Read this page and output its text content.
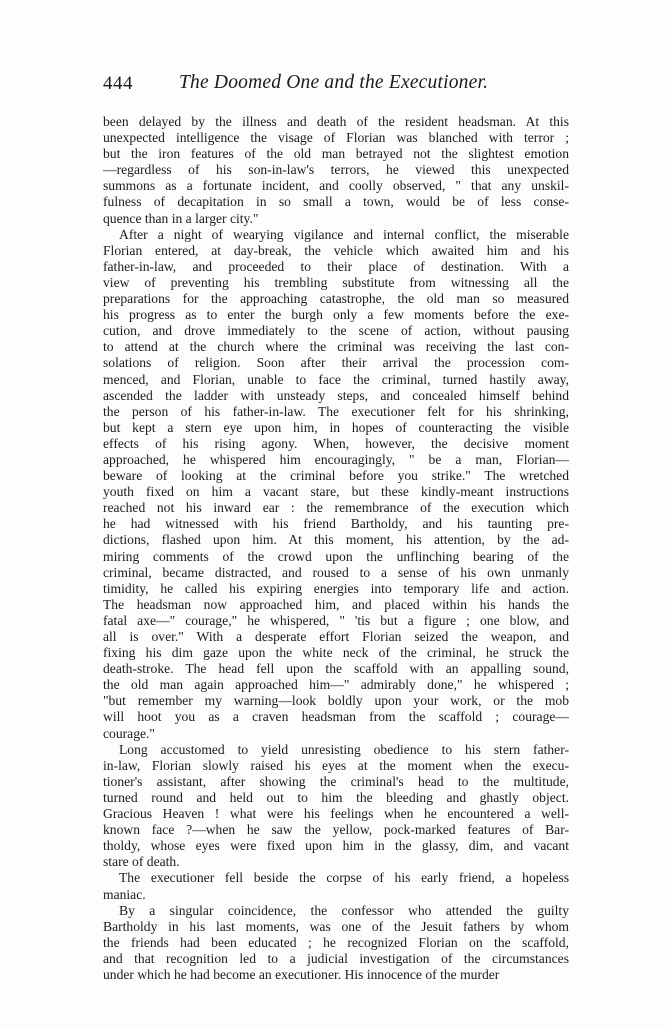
444 The Doomed One and the Executioner.
been delayed by the illness and death of the resident headsman. At this
unexpected intelligence the visage of Florian was blanched with terror ;
but the iron features of the old man betrayed not the slightest emotion
—regardless of his son-in-law's terrors, he viewed this unexpected
summons as a fortunate incident, and coolly observed, " that any unskil-
fulness of decapitation in so small a town, would be of less conse-
quence than in a larger city."
After a night of wearying vigilance and internal conflict, the miserable
Florian entered, at day-break, the vehicle which awaited him and his
father-in-law, and proceeded to their place of destination. With a
view of preventing his trembling substitute from witnessing all the
preparations for the approaching catastrophe, the old man so measured
his progress as to enter the burgh only a few moments before the exe-
cution, and drove immediately to the scene of action, without pausing
to attend at the church where the criminal was receiving the last con-
solations of religion. Soon after their arrival the procession com-
menced, and Florian, unable to face the criminal, turned hastily away,
ascended the ladder with unsteady steps, and concealed himself behind
the person of his father-in-law. The executioner felt for his shrinking,
but kept a stern eye upon him, in hopes of counteracting the visible
effects of his rising agony. When, however, the decisive moment
approached, he whispered him encouragingly, " be a man, Florian—
beware of looking at the criminal before you strike." The wretched
youth fixed on him a vacant stare, but these kindly-meant instructions
reached not his inward ear : the remembrance of the execution which
he had witnessed with his friend Bartholdy, and his taunting pre-
dictions, flashed upon him. At this moment, his attention, by the ad-
miring comments of the crowd upon the unflinching bearing of the
criminal, became distracted, and roused to a sense of his own unmanly
timidity, he called his expiring energies into temporary life and action.
The headsman now approached him, and placed within his hands the
fatal axe—" courage," he whispered, " 'tis but a figure ; one blow, and
all is over." With a desperate effort Florian seized the weapon, and
fixing his dim gaze upon the white neck of the criminal, he struck the
death-stroke. The head fell upon the scaffold with an appalling sound,
the old man again approached him—" admirably done," he whispered ;
"but remember my warning—look boldly upon your work, or the mob
will hoot you as a craven headsman from the scaffold ; courage—
courage."
Long accustomed to yield unresisting obedience to his stern father-
in-law, Florian slowly raised his eyes at the moment when the execu-
tioner's assistant, after showing the criminal's head to the multitude,
turned round and held out to him the bleeding and ghastly object.
Gracious Heaven ! what were his feelings when he encountered a well-
known face ?—when he saw the yellow, pock-marked features of Bar-
tholdy, whose eyes were fixed upon him in the glassy, dim, and vacant
stare of death.
The executioner fell beside the corpse of his early friend, a hopeless
maniac.
By a singular coincidence, the confessor who attended the guilty
Bartholdy in his last moments, was one of the Jesuit fathers by whom
the friends had been educated ; he recognized Florian on the scaffold,
and that recognition led to a judicial investigation of the circumstances
under which he had become an executioner. His innocence of the murder
